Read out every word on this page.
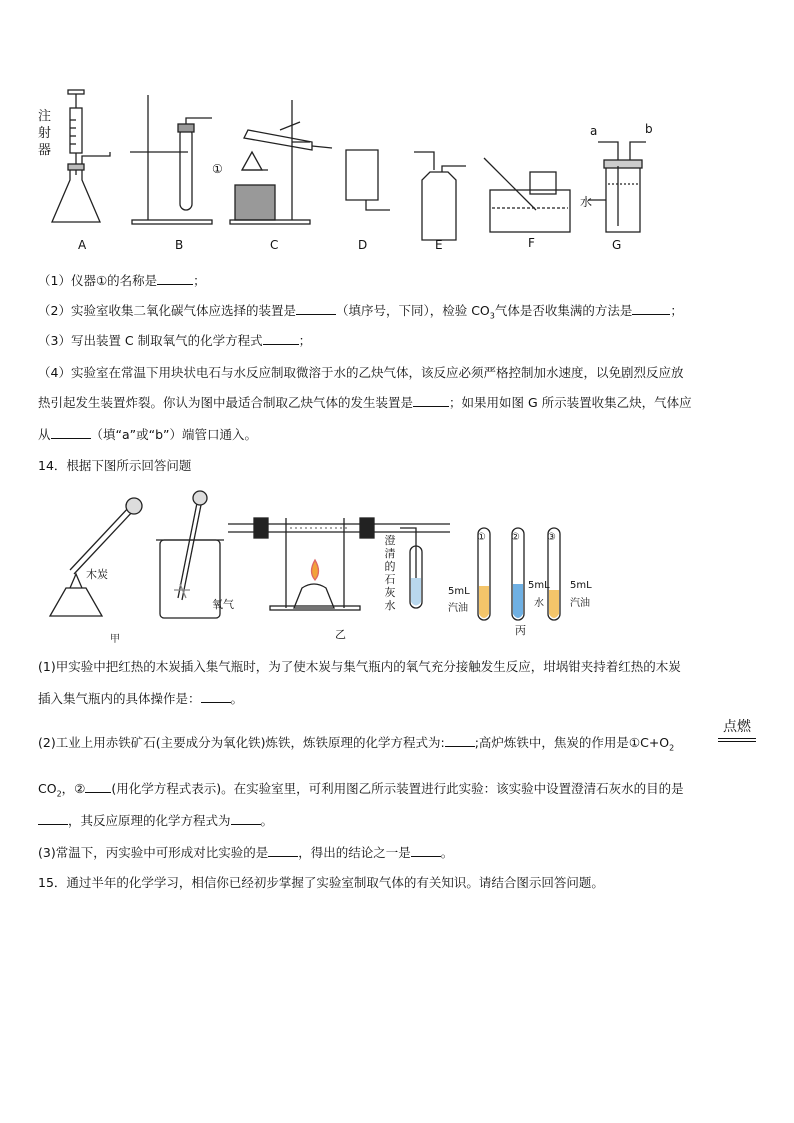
注
射
器
A	B	C	D	E	F	G
①
a	b
水
（1）仪器①的名称是	；
（2）实验室收集二氧化碳气体应选择的装置是	（填序号，下同），检验 $CO_3$气体是否收集满的方法是	；
（3）写出装置 C 制取氧气的化学方程式	；
（4）实验室在常温下用块状电石与水反应制取微溶于水的乙炔气体，该反应必须严格控制加水速度，以免剧烈反应放
热引起发生装置炸裂。你认为图中最适合制取乙炔气体的发生装置是	；如果用如图 G 所示装置收集乙炔，气体应
从	（填“a”或“b”）端管口通入。
14．根据下图所示回答问题
木炭
氧气
甲	乙	丙
澄清的石灰水
①	②	③
5mL
汽油
5mL
水
5mL
汽油
(1)甲实验中把红热的木炭插入集气瓶时，为了使木炭与集气瓶内的氧气充分接触发生反应，坩埚钳夹持着红热的木炭
插入集气瓶内的具体操作是： 。
(2)工业上用赤铁矿石(主要成分为氧化铁)炼铁，炼铁原理的化学方程式为: ;高炉炼铁中，焦炭的作用是$①C+O_2$
点燃
$CO_2$，② (用化学方程式表示)。在实验室里，可利用图乙所示装置进行此实验：该实验中设置澄清石灰水的目的是
，其反应原理的化学方程式为 。
(3)常温下，丙实验中可形成对比实验的是 ，得出的结论之一是 。
15．通过半年的化学学习，相信你已经初步掌握了实验室制取气体的有关知识。请结合图示回答问题。
